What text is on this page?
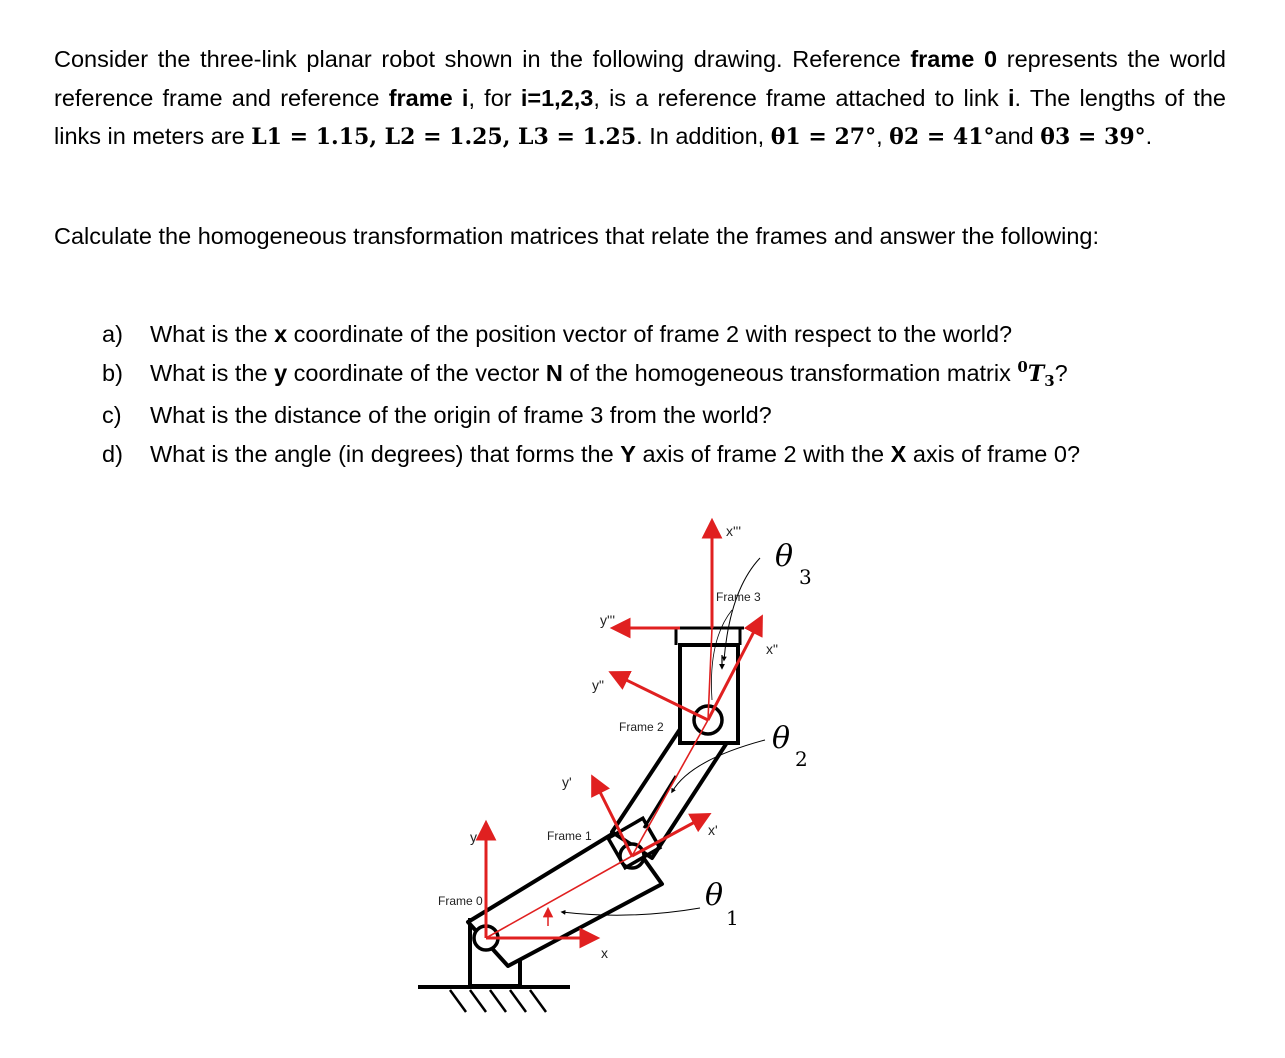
Consider the three-link planar robot shown in the following drawing. Reference frame 0 represents the world reference frame and reference frame i, for i=1,2,3, is a reference frame attached to link i. The lengths of the links in meters are L1 = 1.15, L2 = 1.25, L3 = 1.25. In addition, θ1 = 27°, θ2 = 41°and θ3 = 39°.
Calculate the homogeneous transformation matrices that relate the frames and answer the following:
a)	What is the x coordinate of the position vector of frame 2 with respect to the world?
b)	What is the y coordinate of the vector N of the homogeneous transformation matrix $^0T_3$?
c)	What is the distance of the origin of frame 3 from the world?
d)	What is the angle (in degrees) that forms the Y axis of frame 2 with the X axis of frame 0?
Frame 0
Frame 1
Frame 2
Frame 3
x
y	x'
y'
x"
y"
x'''
y'''
θ
1
θ
2
θ
3
